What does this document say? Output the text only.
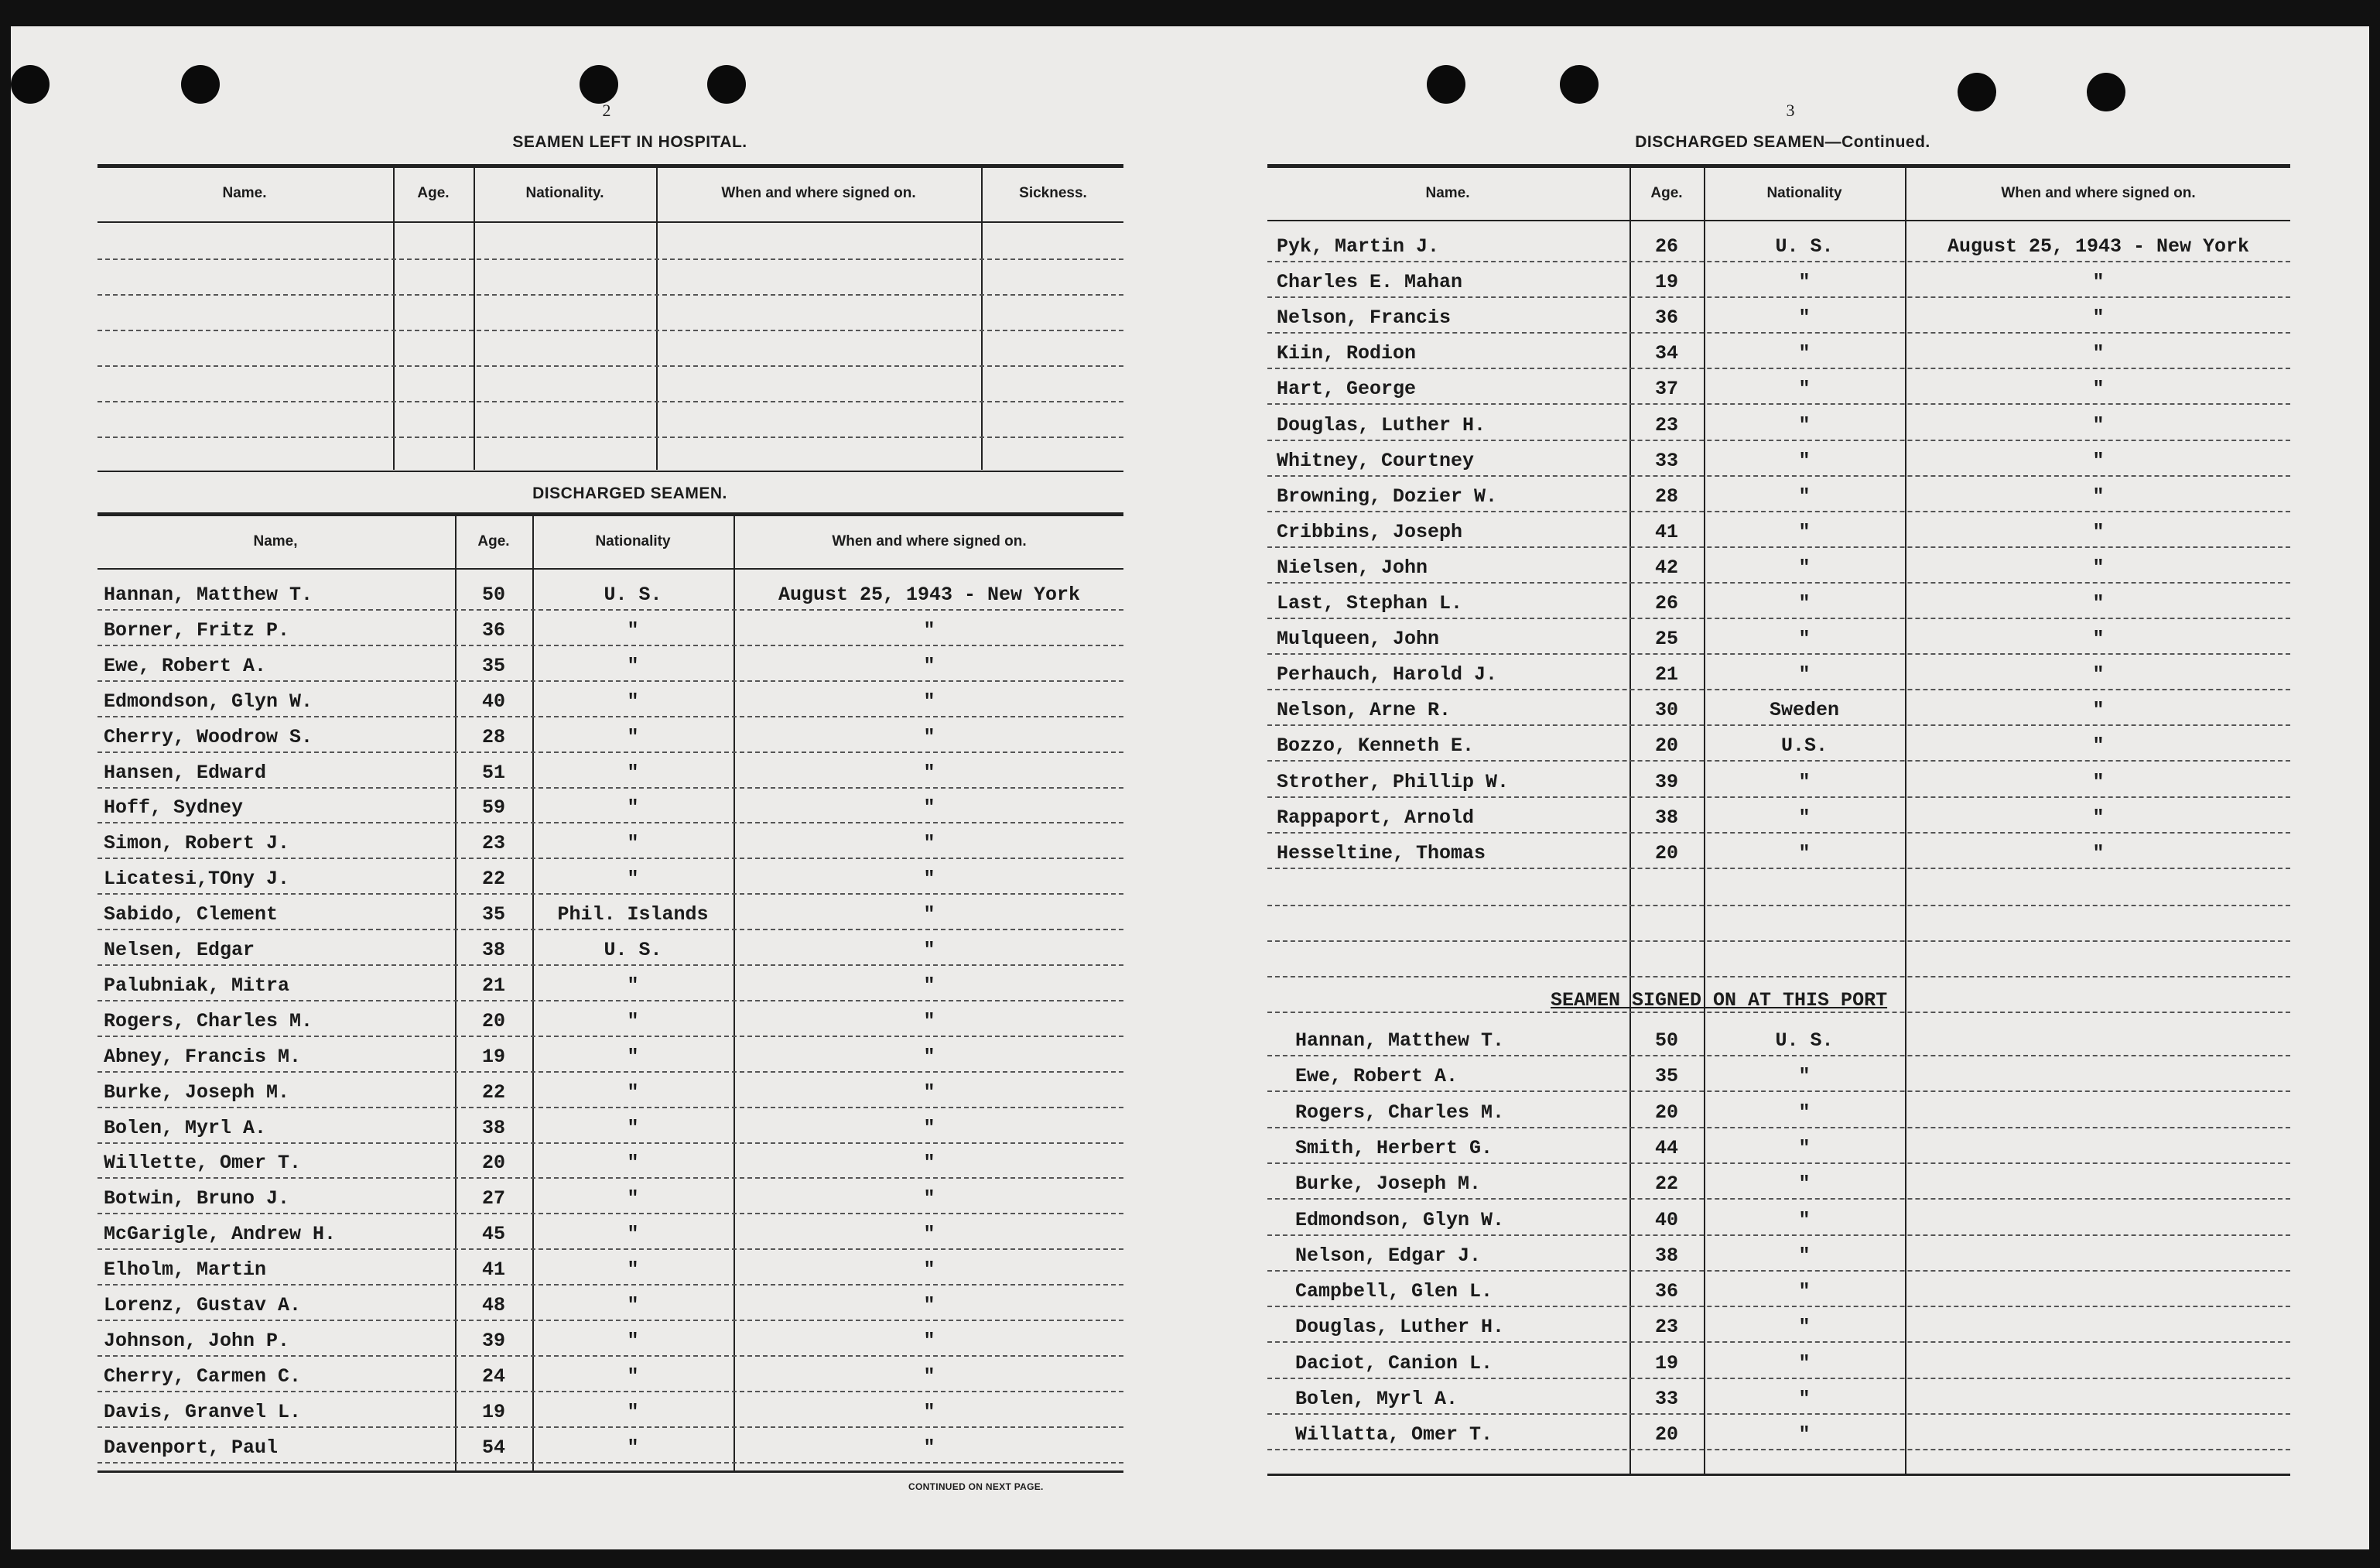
2
SEAMEN LEFT IN HOSPITAL.
Name.	Age.	Nationality.	When and where signed on.	Sickness.
DISCHARGED SEAMEN.
Name,	Age.	Nationality	When and where signed on.
Hannan, Matthew T.	50	U. S.	August 25, 1943 - New York
Borner, Fritz P.	36	"	"
Ewe, Robert A.	35	"	"
Edmondson, Glyn W.	40	"	"
Cherry, Woodrow S.	28	"	"
Hansen, Edward	51	"	"
Hoff, Sydney	59	"	"
Simon, Robert J.	23	"	"
Licatesi,TOny J.	22	"	"
Sabido, Clement	35	Phil. Islands	"
Nelsen, Edgar	38	U. S.	"
Palubniak, Mitra	21	"	"
Rogers, Charles M.	20	"	"
Abney, Francis M.	19	"	"
Burke, Joseph M.	22	"	"
Bolen, Myrl A.	38	"	"
Willette, Omer T.	20	"	"
Botwin, Bruno J.	27	"	"
McGarigle, Andrew H.	45	"	"
Elholm, Martin	41	"	"
Lorenz, Gustav A.	48	"	"
Johnson, John P.	39	"	"
Cherry, Carmen C.	24	"	"
Davis, Granvel L.	19	"	"
Davenport, Paul	54	"	"
CONTINUED ON NEXT PAGE.
3
DISCHARGED SEAMEN—Continued.
Name.	Age.	Nationality	When and where signed on.
Pyk, Martin J.	26	U. S.	August 25, 1943 - New York
Charles E. Mahan	19	"	"
Nelson, Francis	36	"	"
Kiin, Rodion	34	"	"
Hart, George	37	"	"
Douglas, Luther H.	23	"	"
Whitney, Courtney	33	"	"
Browning, Dozier W.	28	"	"
Cribbins, Joseph	41	"	"
Nielsen, John	42	"	"
Last, Stephan L.	26	"	"
Mulqueen, John	25	"	"
Perhauch, Harold J.	21	"	"
Nelson, Arne R.	30	Sweden	"
Bozzo, Kenneth E.	20	U.S.	"
Strother, Phillip W.	39	"	"
Rappaport, Arnold	38	"	"
Hesseltine, Thomas	20	"	"
SEAMEN SIGNED ON AT THIS PORT
Hannan, Matthew T.	50	U. S.
Ewe, Robert A.	35	"
Rogers, Charles M.	20	"
Smith, Herbert G.	44	"
Burke, Joseph M.	22	"
Edmondson, Glyn W.	40	"
Nelson, Edgar J.	38	"
Campbell, Glen L.	36	"
Douglas, Luther H.	23	"
Daciot, Canion L.	19	"
Bolen, Myrl A.	33	"
Willatta, Omer T.	20	"
